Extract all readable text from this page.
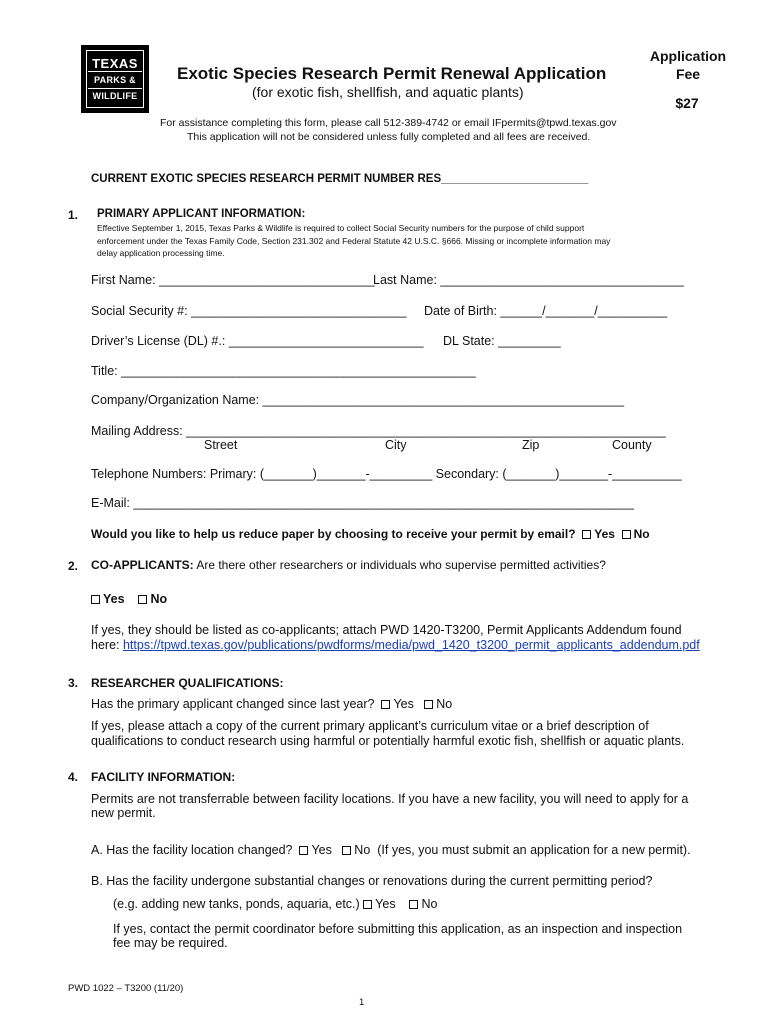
TEXAS
PARKS &
WILDLIFE
Exotic Species Research Permit Renewal Application
(for exotic fish, shellfish, and aquatic plants)
Application
Fee
$27
For assistance completing this form, please call 512-389-4742 or email IFpermits@tpwd.texas.gov
This application will not be considered unless fully completed and all fees are received.
CURRENT EXOTIC SPECIES RESEARCH PERMIT NUMBER RES_______________________
1. PRIMARY APPLICANT INFORMATION:
Effective September 1, 2015, Texas Parks & Wildlife is required to collect Social Security numbers for the purpose of child support
enforcement under the Texas Family Code, Section 231.302 and Federal Statute 42 U.S.C. §666. Missing or incomplete information may
delay application processing time.
First Name: _______________________________
Last Name: ___________________________________
Social Security #: _______________________________ Date of Birth: ______/_______/__________
Driver’s License (DL) #.: ____________________________ DL State: _________
Title: ___________________________________________________
Company/Organization Name: ____________________________________________________
Mailing Address: _____________________________________________________________________
Street	City	Zip	County
Telephone Numbers: Primary: (_______)_______-_________ Secondary: (_______)_______-__________
E-Mail: ________________________________________________________________________
Would you like to help us reduce paper by choosing to receive your permit by email? Yes No
2. CO-APPLICANTS: Are there other researchers or individuals who supervise permitted activities?
Yes No
If yes, they should be listed as co-applicants; attach PWD 1420-T3200, Permit Applicants Addendum found
here: https://tpwd.texas.gov/publications/pwdforms/media/pwd_1420_t3200_permit_applicants_addendum.pdf
3. RESEARCHER QUALIFICATIONS:
Has the primary applicant changed since last year? Yes No
If yes, please attach a copy of the current primary applicant’s curriculum vitae or a brief description of
qualifications to conduct research using harmful or potentially harmful exotic fish, shellfish or aquatic plants.
4. FACILITY INFORMATION:
Permits are not transferrable between facility locations. If you have a new facility, you will need to apply for a
new permit.
A. Has the facility location changed? Yes No (If yes, you must submit an application for a new permit).
B. Has the facility undergone substantial changes or renovations during the current permitting period?
(e.g. adding new tanks, ponds, aquaria, etc.) Yes No
If yes, contact the permit coordinator before submitting this application, as an inspection and inspection
fee may be required.
PWD 1022 – T3200 (11/20)
1
